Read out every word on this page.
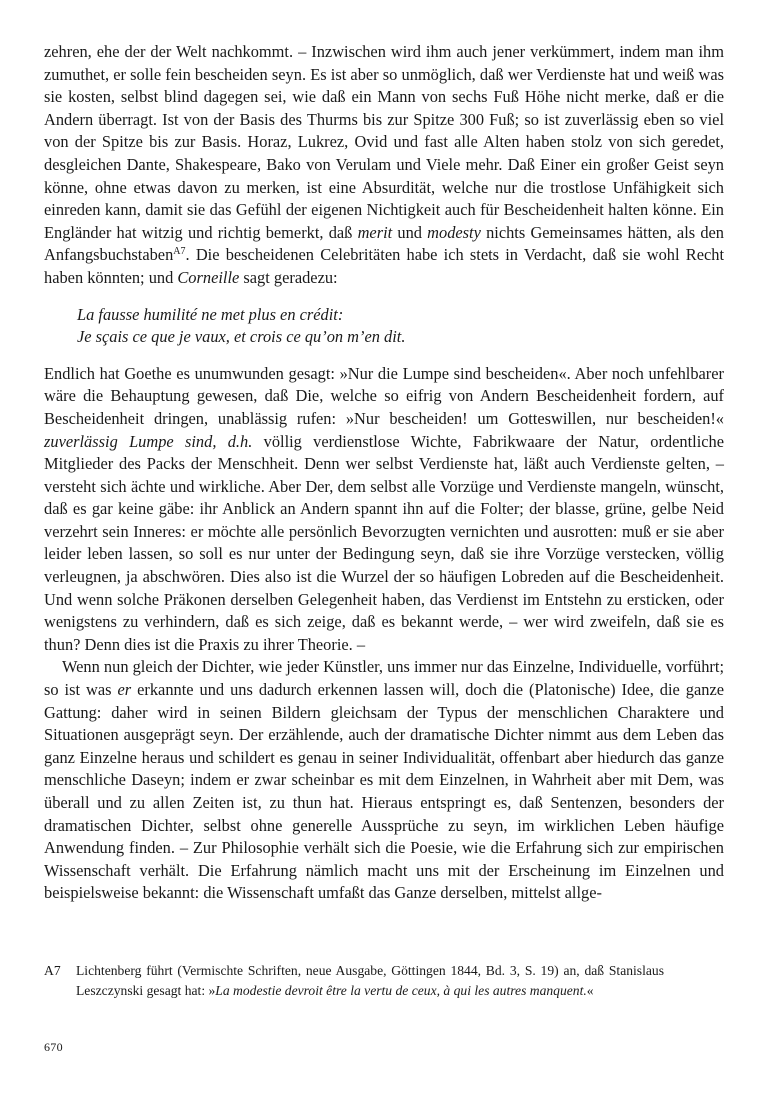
zehren, ehe der der Welt nachkommt. – Inzwischen wird ihm auch jener verkümmert, indem man ihm zumuthet, er solle fein bescheiden seyn. Es ist aber so unmöglich, daß wer Verdienste hat und weiß was sie kosten, selbst blind dagegen sei, wie daß ein Mann von sechs Fuß Höhe nicht merke, daß er die Andern überragt. Ist von der Basis des Thurms bis zur Spitze 300 Fuß; so ist zuverlässig eben so viel von der Spitze bis zur Basis. Horaz, Lukrez, Ovid und fast alle Alten haben stolz von sich geredet, desgleichen Dante, Shakespeare, Bako von Verulam und Viele mehr. Daß Einer ein großer Geist seyn könne, ohne etwas davon zu merken, ist eine Absurdität, welche nur die trostlose Unfähigkeit sich einreden kann, damit sie das Gefühl der eigenen Nichtigkeit auch für Bescheidenheit halten könne. Ein Engländer hat witzig und richtig bemerkt, daß merit und modesty nichts Gemeinsames hätten, als den Anfangsbuchstaben$^{A7}$. Die bescheidenen Celebritäten habe ich stets in Verdacht, daß sie wohl Recht haben könnten; und Corneille sagt geradezu:

La fausse humilité ne met plus en crédit:
Je sçais ce que je vaux, et crois ce qu’on m’en dit.

Endlich hat Goethe es unumwunden gesagt: »Nur die Lumpe sind bescheiden«. Aber noch unfehlbarer wäre die Behauptung gewesen, daß Die, welche so eifrig von Andern Bescheidenheit fordern, auf Bescheidenheit dringen, unablässig rufen: »Nur bescheiden! um Gotteswillen, nur bescheiden!« zuverlässig Lumpe sind, d.h. völlig verdienstlose Wichte, Fabrikwaare der Natur, ordentliche Mitglieder des Packs der Menschheit. Denn wer selbst Verdienste hat, läßt auch Verdienste gelten, – versteht sich ächte und wirkliche. Aber Der, dem selbst alle Vorzüge und Verdienste mangeln, wünscht, daß es gar keine gäbe: ihr Anblick an Andern spannt ihn auf die Folter; der blasse, grüne, gelbe Neid verzehrt sein Inneres: er möchte alle persönlich Bevorzugten vernichten und ausrotten: muß er sie aber leider leben lassen, so soll es nur unter der Bedingung seyn, daß sie ihre Vorzüge verstecken, völlig verleugnen, ja abschwören. Dies also ist die Wurzel der so häufigen Lobreden auf die Bescheidenheit. Und wenn solche Präkonen derselben Gelegenheit haben, das Verdienst im Entstehn zu ersticken, oder wenigstens zu verhindern, daß es sich zeige, daß es bekannt werde, – wer wird zweifeln, daß sie es thun? Denn dies ist die Praxis zu ihrer Theorie. –

Wenn nun gleich der Dichter, wie jeder Künstler, uns immer nur das Einzelne, Individuelle, vorführt; so ist was er erkannte und uns dadurch erkennen lassen will, doch die (Platonische) Idee, die ganze Gattung: daher wird in seinen Bildern gleichsam der Typus der menschlichen Charaktere und Situationen ausgeprägt seyn. Der erzählende, auch der dramatische Dichter nimmt aus dem Leben das ganz Einzelne heraus und schildert es genau in seiner Individualität, offenbart aber hiedurch das ganze menschliche Daseyn; indem er zwar scheinbar es mit dem Einzelnen, in Wahrheit aber mit Dem, was überall und zu allen Zeiten ist, zu thun hat. Hieraus entspringt es, daß Sentenzen, besonders der dramatischen Dichter, selbst ohne generelle Aussprüche zu seyn, im wirklichen Leben häufige Anwendung finden. – Zur Philosophie verhält sich die Poesie, wie die Erfahrung sich zur empirischen Wissenschaft verhält. Die Erfahrung nämlich macht uns mit der Erscheinung im Einzelnen und beispielsweise bekannt: die Wissenschaft umfaßt das Ganze derselben, mittelst allge-

A7 Lichtenberg führt (Vermischte Schriften, neue Ausgabe, Göttingen 1844, Bd. 3, S. 19) an, daß Stanislaus Leszczynski gesagt hat: »La modestie devroit être la vertu de ceux, à qui les autres manquent.«
670
